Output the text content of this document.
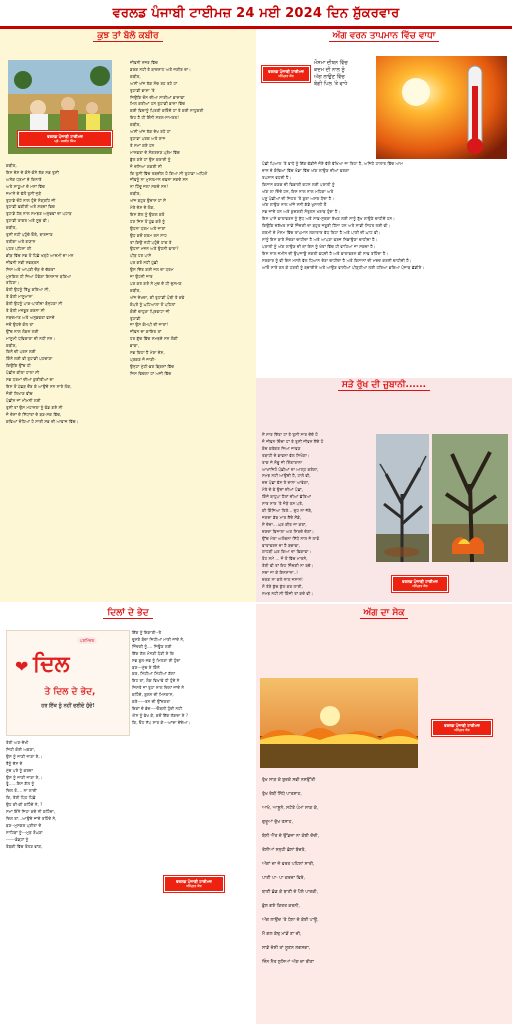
ਵਰਲਡ ਪੰਜਾਬੀ ਟਾਈਮਜ਼ 24 ਮਈ 2024 ਦਿਨ ਸ਼ੁੱਕਰਵਾਰ
ਕੁਝ ਤਾਂ ਬੋਲੋ ਕਬੀਰ
ਵਰਲਡ ਪੰਜਾਬੀ ਟਾਈਮਜ਼
ਪ੍ਰੋ. ਜਸਵੰਤ ਸਿੰਘ

ਕਬੀਰ,

ਇਸ ਦੇਸ਼ ਦੇ ਕੋਨੇ-ਕੋਨੇ ਤੱਕ ਸਭ ਤੁਸੀਂ

ਅਨੇਕ ਧਰਮਾਂ ਦੇ ਕਿਨਾਰੇ

ਅਤੇ ਸਾਧੂਆਂ ਦੇ ਮਨਾਂ ਵਿੱਚ

ਜਮਾਨੇ ਦੇ ਵੱਲੋਂ ਤੁਸੀਂ ਜੁੜੇ

ਤੁਹਾਡੇ ਦੋਹੇ ਨਾਲ ਹੁੰਦੇ ਸੰਗ੍ਰਹਿ ਜੀ

ਤੁਹਾਡੀ ਫਕੀਰੀ ਅਤੇ ਸ਼ਬਦਾਂ ਵਿਚ

ਤੁਹਾਡੇ ਹੱਥ ਨਾਲ ਸਮਝਣ ਅਨੁਭਵਾਂ ਦਾ ਪਹਾੜ

ਤੁਹਾਡੀ ਤਾਕਤ ਅਤੇ ਸੂਝ ਵੀ।

ਕਬੀਰ,

ਤੁਸੀਂ ਨਹੀਂ ਪਹੁੰਚੇ ਓਥੇ, ਥਾਰਜਾਣ

ਤਰੀਕਾ ਅਤੇ ਗਯਾਨ

ਪਹਰ ਪਹਿਨਾ ਗੀ

ਭੀੜ ਵਿੱਚ ਸਭ ਤੋਂ ਪਿੱਛੇ ਖੜ੍ਹੇ ਆਦਮੀ ਦਾ ਮਨ

ਜੀਵਨੀ ਸਭੀ ਸਭਬਤਨ

ਜਿਸ ਅਤੇ ਆਪਣੀ ਦੌੜ ਦੇ ਚੱਕਰਾਂ

ਮੁਸ਼ਕਿਲ ਹੀ ਜਿਆ ਹੋਵੇਗਾ ਇਨਸਾਨ ਬਣਿਆ

ਰਹਿਣਾ।

ਬੋਲੀ ਉਹਨੂੰ ਤਿੱਖੂ ਕਰਿਆ ਸੀ,

ਤੇ ਬੋਲੀ ਮਾਸੂਮਾਨਾ

ਬੋਲੀ ਉਹਨੂੰ ਪਾਕ-ਪਾਣੀਦਾ ਬੰਨ੍ਹਣਾ ਸੀ

ਤੇ ਬੋਲੀ ਮਜ਼ਬੂਰ ਕਰਨਾ ਸੀ

ਸਬਦਮਾਣ ਅਤੇ ਅਨੁਭਵਤਾ ਵਸਦੇ

ਜਦੋਂ ਉਹਦੇ ਕੋਲ ਤਾਂ

ਉੱਚ ਨਾਲ ਲੋਕਨ ਲਈ

ਮਾਸੂਮੀ ਧਵਿਕਾਰਾ ਦੀ ਨਹੀਂ ਸਨ।

ਕਬੀਰ,

ਕਿਨੇ ਚੀ ਪਰਸ ਲਈ

ਕਿੰਨੇ ਲਈ ਵੀ ਤੁਹਾਡੀ ਪਹਚਾਣਾ

ਕਿਉਂਕਿ ਉੱਚ ਹੀ

ਪੰਛੀਨ ਕੀਤਾ ਹਾਲਾ ਸੀ

ਸਭ ਧਰਮਾਂ ਦੀਆਂ ਕੁਰੀਤੀਆਂ ਦਾ

ਇਸ ਤੋਂ ਪੱਛੜ ਦੌਰ ਕੇ ਆਉਂਦੇ ਸਨ ਸਾਰੇ ਲੋਕ,

ਜੋਈ ਲਿਖਾਣ ਵੀਚ

ਪੰਛੀਨ ਜਾਂ ਮੀਮਨੀ ਲਈ

ਤੁਸੀਂ ਤਾਂ ਉਸ ਮਹਾਨਤਾ ਨੂੰ ਵੰਡ ਗਏ ਸੀ

ਜੋ ਦੇਸ਼ਾਂ ਦੇ ਸਿੱਧਾਂਤਾਂ ਦੇ ਬਣ-ਸਕ ਵਿੱਚ,

ਕਵਿਆਂ ਦੋਹਿਆਂ ਹੋ ਸਾਰੀ ਸਭ ਦੀ ਆਵਾਜ਼ ਵਿੱਚ।

ਜੀਵਨੀ ਨਜਰ ਵਿੱਚ

ਡਰਕ ਨਹੀਂ ਤੇ ਬਾਦਸ਼ਾਹ ਅਤੇ ਜਗੀਰ ਦਾ।

ਕਬੀਰ,

ਅਸੀਂ ਅੱਜ ਤੱਕ ਸੋਚ ਰਹ ਰਹੇ ਹਾਂ

ਤੁਹਾਡੀ ਭਾਸ਼ਾ 'ਤੇ

ਜਿਉਂਕਿ ਦੋਨ ਦੀਆ ਸਾਰੀਆਂ ਭਾਸ਼ਾਵਾਂ

ਮਿਲ ਕਰੀਆਂ ਹਨ ਤੁਹਾਡੀ ਭਾਸ਼ਾ ਵਿੱਚ

ਕਈ ਵਿਦਾਨੂੰ ਪਿਤਰੀ ਕਰਿੰਦੇ ਹਾਂ ਤੇ ਕਈ ਸਾਧੁਕਰੀ

ਇਹ ਹੈ ਹੀ ਇੰਨੀ ਸਰਲ-ਸਾਮਰਤ!

ਕਬੀਰ,

ਅਸੀਂ ਅੱਜ ਤੱਕ ਦੇਖ ਰਹੇ ਹਾਂ

ਤੁਹਾਡਾ ਪਰਕ ਅਤੇ ਰਾਜ

ਤੇ ਸਮਾਂ ਗਏ ਹਨ

ਮਾਨਵਤਾ ਦੇ ਸੰਗਰਸ਼ਣ ਪ੍ਰੇਮ ਵਿੱਚ

ਭੁੱਲ ਗਏ ਹਾਂ ਉਸ ਕਰਾਈ ਨੂੰ

ਜੋ ਦਸਿਆ ਗਕਈ ਸੀ

ਕਿ ਤੁਸੀਂ ਵਿੱਚ ਤਬਦੀਲ ਹੋ ਗਿਆ ਸੀ ਤੁਹਾਡਾ ਅਧਿਐ

ਜੀਵਨੂੰ ਨਾ ਮੁਸਲਮਾਨ ਦਫ਼ਨਾ ਸਕਦੇ ਸਨ

ਨਾ ਹਿੰਦੂ ਜਲਾ ਸਕਦੇ ਸਨ!

ਕਬੀਰ,

ਅੱਜ ਬਹੁਤ ਉਦਾਸ ਹਾਂ ਮੈਂ

ਮੇਰੇ ਦੇਸ਼ ਦੇ ਲੋਕ,

ਇਸ ਗੱਲ ਨੂੰ ਉਗਲ ਕਰੋ

ਹਰ ਜਿਸ ਤੋਂ ਪੁੱਛ ਕਰੋ ਨੂੰ

ਉਹਨਾ ਧਰਮ ਅਤੇ ਜਾਤਾਂ

ਉਹ ਕਦੋਂ ਗਰਮ ਰਸ ਸਾਹ

ਤਾਂ ਕਿਉਂ ਨਹੀਂ ਪਹੁੰਚੇ ਹਾਕ ਤੇ

ਉਹਨਾਂ ਮਜ਼ਨ ਅਤੇ ਉਹਨੀ ਫਾਤਾ?

ਪੀੜ ਹਰ ਪਾਸੇ

ਪਰ ਕਰੋ ਨਹੀਂ ਪੁੱਛੀ

ਉਸ ਦਿੱਤ ਗਈ ਜਲ ਦਾ ਧਰਮ

ਜਾ ਉਹਨੀ ਜਾਤ

ਪਰ ਕਰ ਗਏ ਨੇ ਮੁਚ ਦੇ ਹੀ ਦੁਸਮਣ

ਕਬੀਰ,

ਅੱਜ ਦੇਖਦਾ, ਕੀ ਤੁਹਾਡੀ ਪੰਥੀ ਤੇ ਕਵੇ

ਕੰਪਤੇ ਨੂੰ ਘਟਿਆਲਾ ਤੋਂ ਪਹਿਲਾਂ

ਕੋਈ ਚਾਹੁਣਾ ਪ੍ਰਿਵਾਟਾ ਜੀ

ਤੁਹਾਡੀ

ਜਾ ਉਸ ਕੰਮਪੀ ਦੀ ਜਾਤਾਂ!

ਜੀਵਨ ਦਾ ਕਾਇਤ ਤਾਂ

ਹਰ ਗੁੱਚ ਵਿੱਚ ਸਮਝਦੇ ਸਨ ਲੋਕੀਂ

ਭਾਬਾ,

ਸਭ ਕਿਹਾ ਹੈ ਮੇਰਾ ਦੇਸ਼,

ਪ੍ਰਕਣ ਜੋ ਜਾਣੀ-

ਉਨ੍ਹਾਂ ਮੁੱਠੀ-ਭਰ ਭ੍ਰਿਸ਼ਾਂ ਵਿੱਚ

ਜਿਸ ਵਿਚਲਾ ਹਾਂ ਅਜੀ ਵਿੱਚ

ਅੱਗ ਵਰਨ ਤਾਪਮਾਨ ਵਿੱਚ ਵਾਧਾ
ਵਰਲਡ ਪੰਜਾਬੀ ਟਾਈਮਜ਼
ਅੰਮ੍ਰਿਤ ਕੌਰ

ਮੌਸਮਾ ਦੀਬਨ ਵਿੱਚ

ਕਦਮ ਦੀ ਨਾਲ ਨੂੰ

ਅੱਗ ਲਾਉਣ ਵਿੱਚ

ਬੰਗੀ ਪਿਲ 'ਤੇ ਵਾਧੇ

ਪੰਛੀ ਪਿਆਲ 'ਤੇ ਵਾਧੇ ਨੂੰ ਇੱਕ ਵੱਡੀਜੇ ਜੋਏ ਵੱਲੋਂ ਵੱਖਿਆ ਜਾ ਰਿਹਾ ਹੈ, ਅਜਿਹੇ ਹਾਲਾਤ ਵਿੱਚ ਆਮ

ਦਾਨ ਦੇ ਕੰਢਿਆਂ ਵਿੱਚ ਖੰਡਾ ਵਿੱਚ ਅੱਗ ਲਾਉਣ ਦੀਆਂ ਵਰਗਾ

ਤਪਸ਼ਾਨ ਵਧਦੀ ਹੈ।

ਕਿਸਾਨ ਕਣਕ ਦੀ ਵਿਭਾਗੀ ਕਟਨ ਲਈ ਪਰਾਲੀ ਨੂੰ

ਅੱਗ ਲਾ ਦਿੰਦੇ ਹਨ, ਇਸ ਨਾਲ ਨਾਲ ਮਹਿਕਾ ਅਤੇ

ਪਸ਼ੂ ਪੰਛੀਆਂ ਦੀ ਜਿਹਤ 'ਤੇ ਬੁਰਾ ਅਸਰ ਪੈਂਦਾ ਹੈ।

ਅੱਗ ਲਾਉਣ ਨਾਲ ਅੱਜੇ ਸਨੀ ਕੱਡੇ ਖੁਸਾਲੀ ਤੌਂ

ਸਭ ਜਾਂਦੇ ਹਨ ਅਤੇ ਕੁਦਰਤੀ ਸੰਤੁਲਨ ਖਰਾਬ ਹੁੰਦਾ ਹੈ।

ਇਸ ਪਾਸੇ ਵਾਤਾਵਰਨ ਨੂੰ ਸ਼ੁੱਧ ਅਤੇ ਸਾਫ਼-ਸੁਥਰਾ ਰੱਖਣ ਲਈ ਸਾਨੂੰ ਰੁੱਖ ਲਾਉਣੇ ਚਾਹੀਦੇ ਹਨ।

ਕਿਉਂਕਿ ਦਰੱਖਤ ਸਾਡੇ ਜਿੰਦਗੀ ਦਾ ਬਹੁਤ ਜਰੂਰੀ ਹਿੱਸਾ ਹਨ ਅਤੇ ਸਾਡੀ ਸਿਹਤ ਲਈ ਵੀ।

ਗਰਮੀ ਦੇ ਮੌਸਮ ਵਿੱਚ ਤਾਪਮਾਨ ਲਗਾਤਾਰ ਵੱਧ ਰਿਹਾ ਹੈ ਅਤੇ ਪਾਣੀ ਦੀ ਘਾਟ ਵੀ।

ਸਾਨੂੰ ਇਸ ਬਾਰੇ ਸੋਚਣਾ ਚਾਹੀਦਾ ਹੈ ਅਤੇ ਆਪਣਾ ਫਰਜ਼ ਨਿਭਾਉਣਾ ਚਾਹੀਦਾ ਹੈ।

ਪਰਾਲੀ ਨੂੰ ਅੱਗ ਲਾਉਣ ਦੀ ਥਾਂ ਇਸ ਨੂੰ ਖੇਤਾਂ ਵਿੱਚ ਹੀ ਵਾਹਿਆ ਜਾ ਸਕਦਾ ਹੈ।

ਇਸ ਨਾਲ ਜ਼ਮੀਨ ਦੀ ਉਪਜਾਊ ਸ਼ਕਤੀ ਵਧਦੀ ਹੈ ਅਤੇ ਵਾਤਾਵਰਨ ਵੀ ਸਾਫ਼ ਰਹਿੰਦਾ ਹੈ।

ਸਰਕਾਰ ਨੂੰ ਵੀ ਇਸ ਮਸਲੇ ਵੱਲ ਧਿਆਨ ਦੇਣਾ ਚਾਹੀਦਾ ਹੈ ਅਤੇ ਕਿਸਾਨਾਂ ਦੀ ਮਦਦ ਕਰਨੀ ਚਾਹੀਦੀ ਹੈ।

ਆਓ ਸਾਰੇ ਰਲ ਕੇ ਧਰਤੀ ਨੂੰ ਬਚਾਈਏ ਅਤੇ ਆਉਣ ਵਾਲੀਆਂ ਪੀੜ੍ਹੀਆਂ ਲਈ ਹਰਿਆ ਭਰਿਆ ਪੰਜਾਬ ਛੱਡੀਏ।

ਸੜੇ ਰੁੱਖ ਦੀ ਜ਼ੁਬਾਨੀ......

ਮੈਂ ਸਾਰ ਦਿੱਤਾ ਹਾਂ ਤੇ ਤੁਸੀਂ ਸਾਰ ਦੇਂਦੇ ਹੋ

ਜੋ ਜੀਵਨ ਦਿੰਦਾ ਹਾਂ ਤੇ ਤੁਸੀਂ ਜੀਵਨ ਲੈਂਦੇ ਹੋ

ਕੰਦ ਕਰੇਕਰ ਜਿਆ ਜਾਵਣ

ਤਬਾਹੀ ਦੇ ਭਾਵਨਾ ਵੱਲ ਸਿਖੋਗਾ।

ਤਾਕ ਜੇ ਨੋਚੂ ਜੀ ਸ਼ਿੰਗਾਰਾਨਾ

ਆਖਾਂਜਿਹੋ ਪੰਛੀਆਂ ਦਾ ਆਲ੍ਹ ਕਰੇਗਾ,

ਸਮਝ ਨਹੀਂ ਆਉਂਦੀ ਹੈ, ਹਾਲੇ ਵੀ,

ਦਦ ਪੰਛਾਂ ਵੱਸ ਤੇ ਦਾਨਾ ਆਵੇਗਾ,

ਮੇਰੇ ਦੇ ਵੇ ਉਦਾਂ ਦੀਆਂ ਪੰਛਾਂ,

ਕਿੰਜੇ ਬਾਹੁਪਾ ਹੈਲਾਂ ਦੀਆਂ ਛੱਤਿਆਂ

ਸਾਰ ਸਾਰ 'ਤੇ ਜੋੜੇ ਰਸ ਪਤੇ,

ਕੀ ਕਿੰਜਿਆ ਤਿਤੇ... ਦੁਹ ਨਾ ਜੱਬੇ,

ਜਗਦਾ ਡੱਬ ਮਾਰ ਲੈਂਦੇ ਮੈਂਡੇ,

ਮੈਂ ਦੇਦਾ... ਘਰ ਕੀਤ ਜਾ ਕਤਾਂ,

ਦਰਦਾ ਵਿਜਾਲਾ ਅਰ ਸਿਰਦੇ ਦੇਗਾਂ।

ਉੱਚ ਮੇਰਾ ਅਲੋਚਨਾ ਸਿੱਧੇ ਨਾਲ ਜੇ ਲਾਵੋ

ਵਾਤਾਵਰਨ ਦਾ ਹੈ ਬਚਾਵਾ,

ਗਾਹੜੀ ਘਰ ਕਿਆ ਦਾ ਫਿਕਾਵਾ।

ਰੋਹ ਸਮੇਂ ... ਜੋ ਤੋਂ ਵਿੱਚ ਮਾਰਨੇ,

ਤੇਰੀ ਵੀ ਤਾਂ ਇਹ ਜ਼ਿੰਦਗੀ ਨਾ ਬਚੇ।

ਸਦਾ ਜਾ ਕੇ ਇਨਸਾਨਾ..!

ਦਰਗ ਨਾ ਕਲੇ ਨਾਲ ਜਸਾਨ!

ਸੋ ਤੇਰੇ ਕੁੱਚ ਕੁੱਲ ਕਰ ਲਾਈ,

ਸਮਝ ਨਹੀਂ ਸੀ ਕਿੰਜੀ ਤਾਂ ਕਦੇ ਵੀ।

ਵਰਲਡ ਪੰਜਾਬੀ ਟਾਈਮਜ਼
ਅੰਮ੍ਰਿਤ ਕੌਰ
ਦਿਲਾਂ ਦੇ ਭੇਦ
❤ ਦਿਲ
ਤੇ ਦਿਲ ਦੇ ਭੇਦ,
ਹਰ ਇੱਕ ਨੂੰ ਨਹੀਂ ਦਈਦੇ ਹੁੰਦੇ!
ਪਰਮਿੰਦਰ

ਤੇਰੀ ਅਣ-ਦੇਖੀ

ਜਿਹੀ ਕੋਈ ਅਕਣਾ,

ਉਸ ਨੂੰ ਜਾਣੀ ਜਾਣਾ ਏ,।

ਤੈਨੂੰ ਦੱਸ ਦੇ

ਮੁੱਚ ਪਰੇ ਨੂੰ ਕਰਦਾ

ਉਸ ਨੂੰ ਜਾਣੀ ਜਾਣਾ ਏ,।

ਤੂੰ......ਇਸ ਗੱਲ ਨੂੰ

ਦਿਲ ਤੋ.... ਨਾ ਲਾਈਂ

ਕਿ, ਤੇਰੀ ਪਿੱਠ ਪਿੱਛੇ

ਉਹ ਕੀ-ਕੀ ਕਹਿੰਦੇ ਨੇ, ?

ਸਮਾਂ ਇੰਨੇ ਜਿਹਾ ਕਦੇ ਨੀ ਕਹਿੰਦਾ,

ਦਿਲ ਤਾਂ...ਆਉਂਦੇ ਜਾਂਦੇ ਰਹਿੰਦੇ ਨੇ,

ਬਣ--ਮੁਸਕਰ ਪ੍ਰੀਤਾ ਦੇ

ਸਾਹਿਬਾਂ ਨੂੰ---ਮੁੜ ਰੰਘਣਾ

------ਡੰਡ੍ਹਾਂ ਨੂੰ

ਤੰਬਕੀ ਵਿੱਚ ਤੋਲਣ ਵਾਂਗ,

ਇੱਕ ਨੂੰ ਇਕਾਰੀ--ਤੇ

ਦੂਸਰੇ ਬੰਦਾ ਜਿਹੀਆਂ ਮਾਰੀ ਜਾਂਦੇ ਨੇ,

ਜਿੰਦਗੀ ਨੂੰ.... ਜਿਊਣ ਲਈ

ਇੱਕ ਗੱਲ ਮੰਨਣੀ ਪੈਣੀ ਏ ਕਿ

ਸਭ ਬੁਲ-ਸਭ ਨੂੰ ਮਿਲਣਾ ਈ ਹੁੰਦਾ

ਬਣ---ਮੁੱਚ ਏ ਕਿੰਨੇ

ਕਰ, ਮਿੱਠੀਆਂ ਮਿੱਠੀਆਂ ਗੱਲਾਂ

ਇਹ ਤਾਂ, ਲੋਕ ਵਿਖਾਵੇ ਹੀ ਹੁੰਦੇ ਨੇ

ਜਿਸਤੇ ਜਾਂ ਤੁਹਾ ਨਾਲ ਦਿਲਾਂ ਜਾਂਦੇ ਨੇ

ਕਹਿੰਦੇ, ਬੁਲਨ ਦੀ ਮਿਨਤਾਸ,

ਕਰੇ-----ਤਨ ਦੀ ਉੱਦਰਤਾ

ਇਕਾਂ ਦੇ ਭੇਦ----ਓਥਲੀ ਹੁੰਦੀ ਨਹੀਂ

ਐਸ ਨੂੰ ਵੇਖ ਕੇ, ਕਦੋਂ ਇੱਕ ਲੱਗਦਾ ਏ ?

ਕਿ, ਓਹ ਸੱਪ ਸਾਰ ਕੇ---ਆਂਦਾ ਦੇਂਦੇਆ।

ਵਰਲਡ ਪੰਜਾਬੀ ਟਾਈਮਜ਼
ਅੰਮ੍ਰਿਤ ਕੌਰ
ਅੱਗ ਦਾ ਸੇਕ
ਵਰਲਡ ਪੰਜਾਬੀ ਟਾਈਮਜ਼
ਅੰਮ੍ਰਿਤ ਕੌਰ

ਰੁੱਖ ਸਾੜ ਕੇ ਬੁਰਕੇ ਸਭੀ ਨਸਉੱਤੀ

ਤੁੱਖ ਰੱਬੀਂ ਸਿੱਧੇ ਪਾਤਸ਼ਾਹ,

ਆਖੇ, ਆਸ਼ੂਨੇ, ਸਟੱਤੇ ਪੰਮਾਂ ਸਾਕ ਕੇ,

ਗੁਰੂਆਂ ਦੁੱਖ ਤਸਾਹ,

ਬੋਲੀ ਐਂਤ ਦੇ ਉੱਡਜਾ ਨਾ ਕੋਈ ਦੇਂਦੀ,

ਤੇਲੀਆਂ ਸਨ੍ਹੀ ਛੱਲਾਂ ਬੱਚਤੇ,

ਅੱਗਾਂ ਦਾ ਜੋ ਵਰਤ ਪਹਿਲਾਂ ਸਾਰੀ,

ਪਾਣੀ ਪਾ- ਪਾ ਕਰਦਾ ਫਿਰੇ,

ਬਾਣੀ ਛੱਡ ਕੇ ਬਾਣੀ ਦੇ ਪੈਲੇ ਪਾਰਕੀ,

ਭੁੱਲ ਗਏ ਕਿਰਤ ਕਰਨੀ,

ਅੱਗ ਲਾਉਂਦ 'ਤੇ ਧੋਲਾ ਦੇ ਕੋਈ ਪਾਊ,

ਮੈਂ ਗਲ ਕੱਢ ਮਾਂਡੋਂ ਣਾ ਦੀ,

ਸਾਡੇ ਦੇਸ਼ੀ ਤਾਂ ਲੂਣਨ ਲਗਸਗਾ,

ਜਿੰਨ ਨੈਤ ਲੁਸਿਆਂ ਅੱਗ ਦਾ ਰੀਣਾ
